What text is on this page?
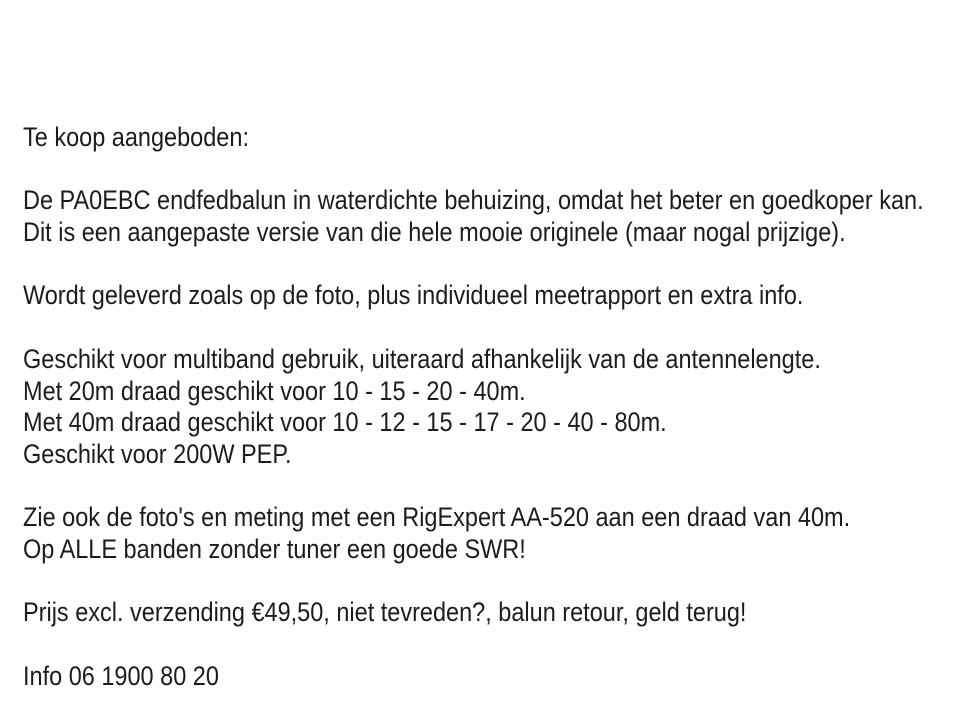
Te koop aangeboden:

De PA0EBC endfedbalun in waterdichte behuizing, omdat het beter en goedkoper kan.
Dit is een aangepaste versie van die hele mooie originele (maar nogal prijzige).

Wordt geleverd zoals op de foto, plus individueel meetrapport en extra info.

Geschikt voor multiband gebruik, uiteraard afhankelijk van de antennelengte.
Met 20m draad geschikt voor 10 - 15 - 20 - 40m.
Met 40m draad geschikt voor 10 - 12 - 15 - 17 - 20 - 40 - 80m.
Geschikt voor 200W PEP.

Zie ook de foto's en meting met een RigExpert AA-520 aan een draad van 40m.
Op ALLE banden zonder tuner een goede SWR!

Prijs excl. verzending €49,50, niet tevreden?, balun retour, geld terug!

Info 06 1900 80 20
